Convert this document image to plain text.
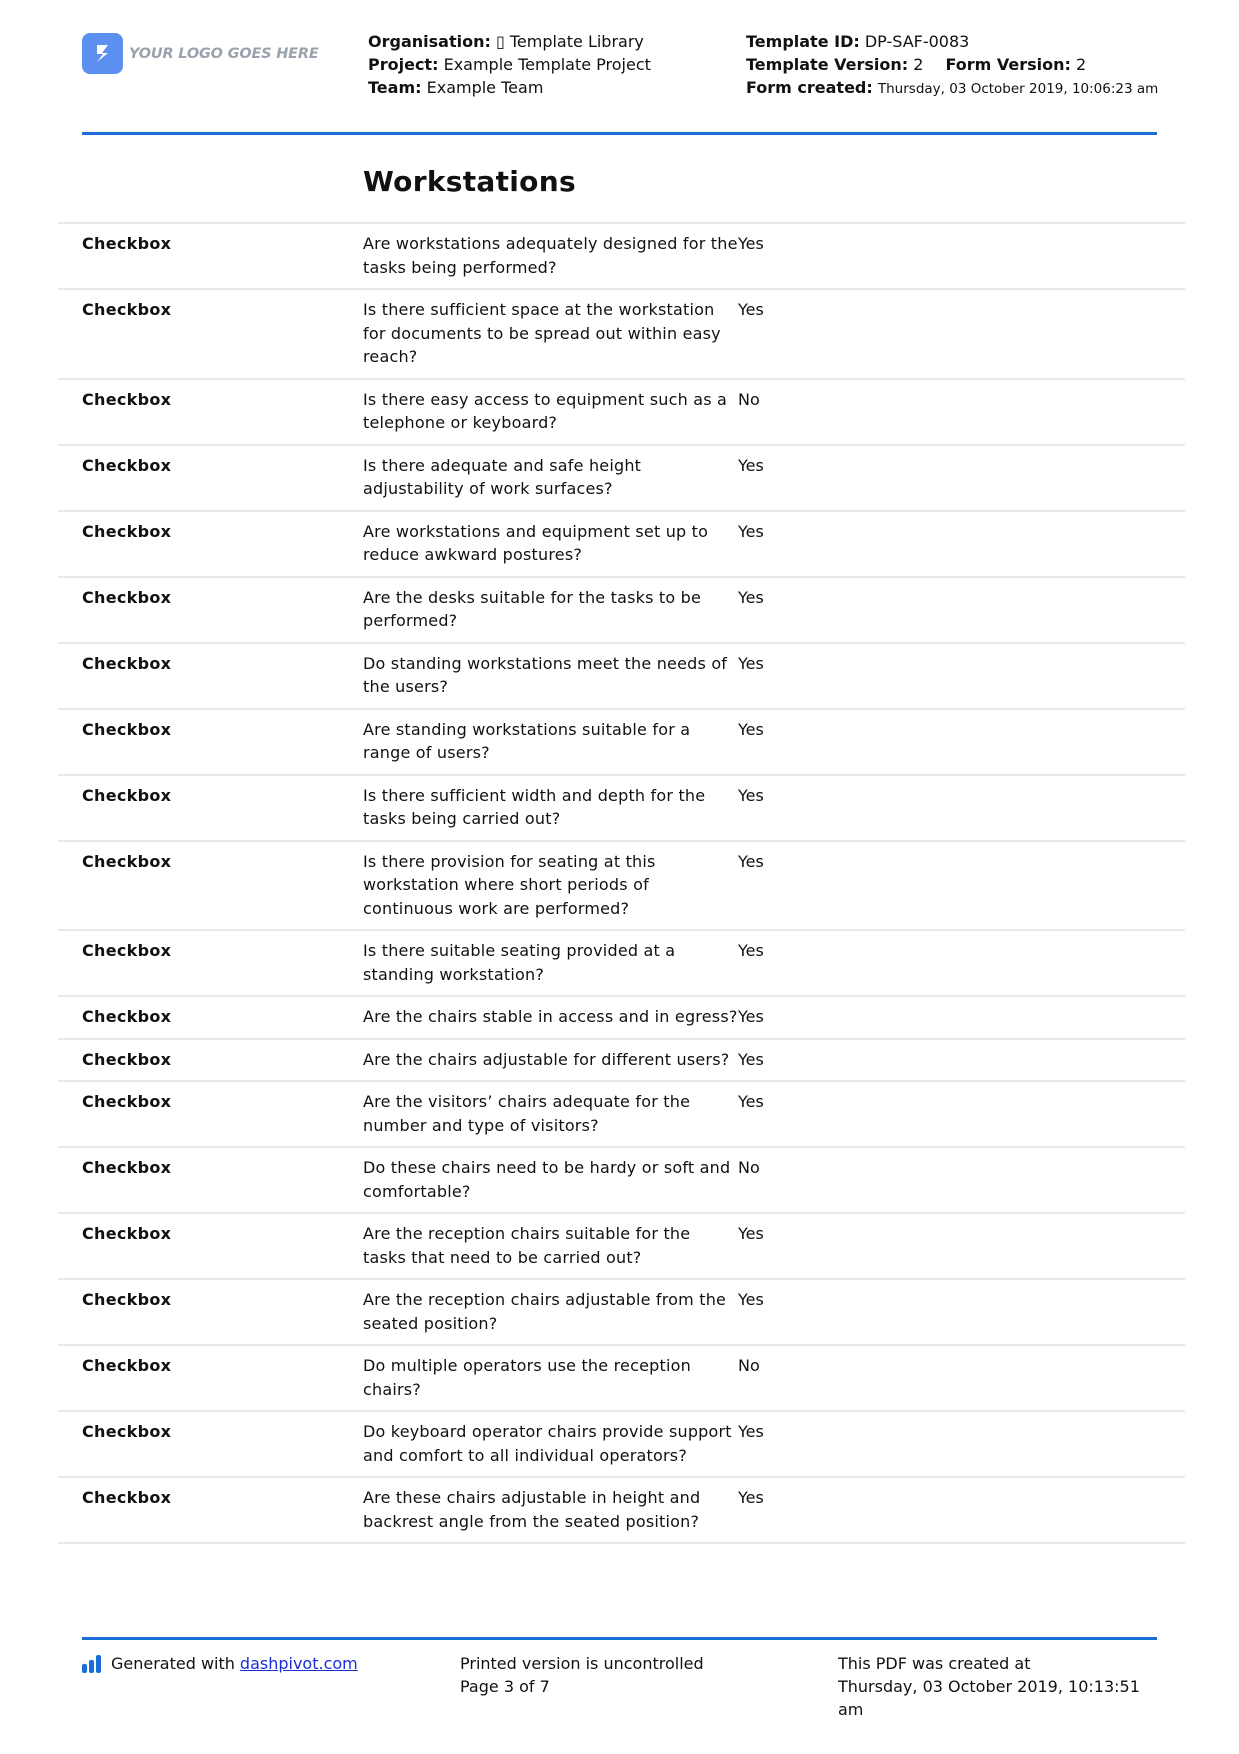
YOUR LOGO GOES HERE
Organisation: ▯ Template Library
Project: Example Template Project
Team: Example Team
Template ID: DP-SAF-0083
Template Version: 2 Form Version: 2
Form created: Thursday, 03 October 2019, 10:06:23 am
Workstations
Checkbox	Are workstations adequately designed for the tasks being performed?
Yes
Checkbox	Is there sufficient space at the workstation for documents to be spread out within easy reach?
Yes
Checkbox	Is there easy access to equipment such as a telephone or keyboard?
No
Checkbox	Is there adequate and safe height adjustability of work surfaces?
Yes
Checkbox	Are workstations and equipment set up to reduce awkward postures?
Yes
Checkbox	Are the desks suitable for the tasks to be performed?
Yes
Checkbox	Do standing workstations meet the needs of the users?
Yes
Checkbox	Are standing workstations suitable for a range of users?
Yes
Checkbox	Is there sufficient width and depth for the tasks being carried out?
Yes
Checkbox	Is there provision for seating at this workstation where short periods of continuous work are performed?
Yes
Checkbox	Is there suitable seating provided at a standing workstation?
Yes
Checkbox	Are the chairs stable in access and in egress? Yes
Checkbox	Are the chairs adjustable for different users? Yes
Checkbox	Are the visitors’ chairs adequate for the number and type of visitors?
Yes
Checkbox	Do these chairs need to be hardy or soft and comfortable?
No
Checkbox	Are the reception chairs suitable for the tasks that need to be carried out?
Yes
Checkbox	Are the reception chairs adjustable from the seated position?
Yes
Checkbox	Do multiple operators use the reception chairs?
No
Checkbox	Do keyboard operator chairs provide support and comfort to all individual operators?
Yes
Checkbox	Are these chairs adjustable in height and backrest angle from the seated position?
Yes
Generated with dashpivot.com	Printed version is uncontrolled
Page 3 of 7
This PDF was created at
Thursday, 03 October 2019, 10:13:51 am
